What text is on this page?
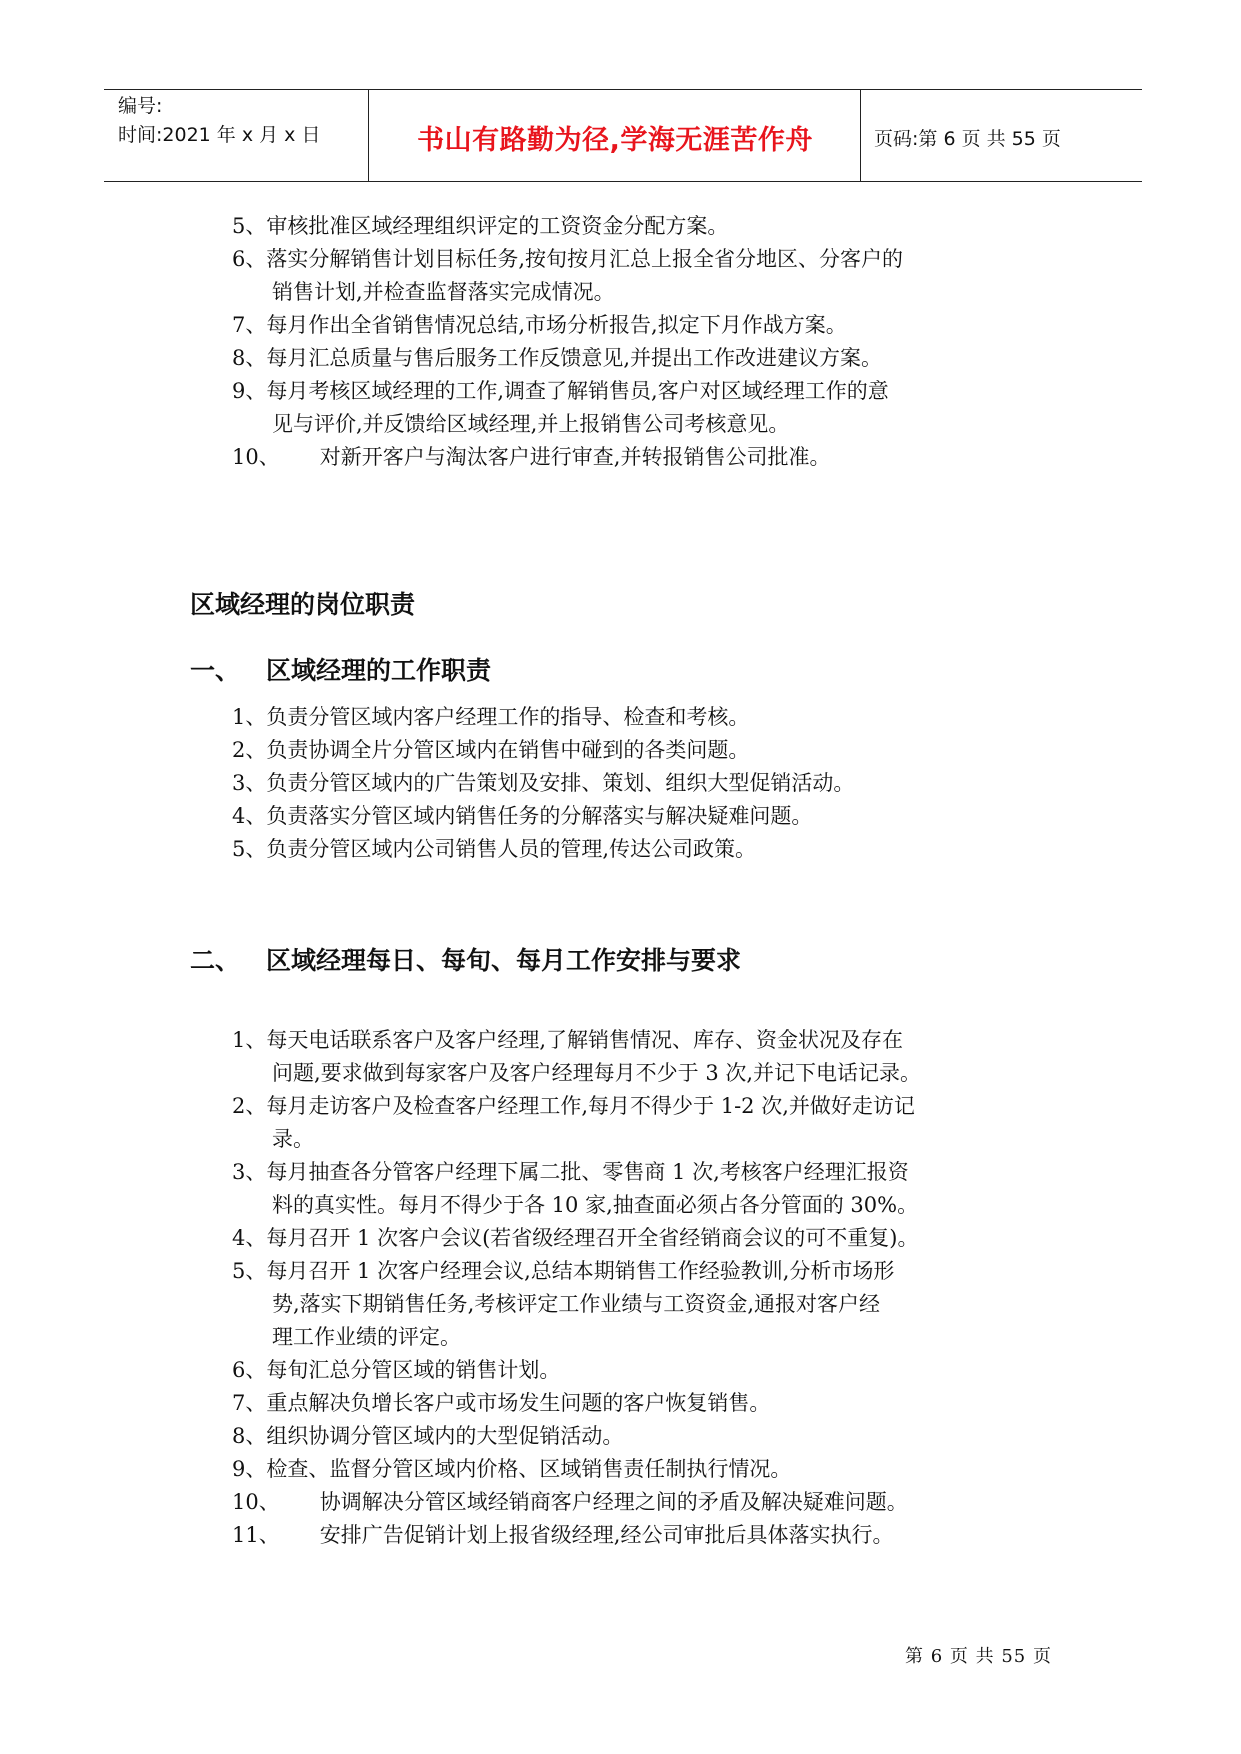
编号:
时间:2021 年 x 月 x 日	书山有路勤为径,学海无涯苦作舟	页码:第 6 页 共 55 页
5、审核批准区域经理组织评定的工资资金分配方案。
6、落实分解销售计划目标任务,按旬按月汇总上报全省分地区、分客户的
销售计划,并检查监督落实完成情况。
7、每月作出全省销售情况总结,市场分析报告,拟定下月作战方案。
8、每月汇总质量与售后服务工作反馈意见,并提出工作改进建议方案。
9、每月考核区域经理的工作,调查了解销售员,客户对区域经理工作的意
见与评价,并反馈给区域经理,并上报销售公司考核意见。
10、      对新开客户与淘汰客户进行审查,并转报销售公司批准。
区域经理的岗位职责
一、 区域经理的工作职责
1、负责分管区域内客户经理工作的指导、检查和考核。
2、负责协调全片分管区域内在销售中碰到的各类问题。
3、负责分管区域内的广告策划及安排、策划、组织大型促销活动。
4、负责落实分管区域内销售任务的分解落实与解决疑难问题。
5、负责分管区域内公司销售人员的管理,传达公司政策。
二、 区域经理每日、每旬、每月工作安排与要求
1、每天电话联系客户及客户经理,了解销售情况、库存、资金状况及存在
问题,要求做到每家客户及客户经理每月不少于 3 次,并记下电话记录。
2、每月走访客户及检查客户经理工作,每月不得少于 1-2 次,并做好走访记
录。
3、每月抽查各分管客户经理下属二批、零售商 1 次,考核客户经理汇报资
料的真实性。每月不得少于各 10 家,抽查面必须占各分管面的 30%。
4、每月召开 1 次客户会议(若省级经理召开全省经销商会议的可不重复)。
5、每月召开 1 次客户经理会议,总结本期销售工作经验教训,分析市场形
势,落实下期销售任务,考核评定工作业绩与工资资金,通报对客户经
理工作业绩的评定。
6、每旬汇总分管区域的销售计划。
7、重点解决负增长客户或市场发生问题的客户恢复销售。
8、组织协调分管区域内的大型促销活动。
9、检查、监督分管区域内价格、区域销售责任制执行情况。
10、      协调解决分管区域经销商客户经理之间的矛盾及解决疑难问题。
11、      安排广告促销计划上报省级经理,经公司审批后具体落实执行。
第 6 页 共 55 页
